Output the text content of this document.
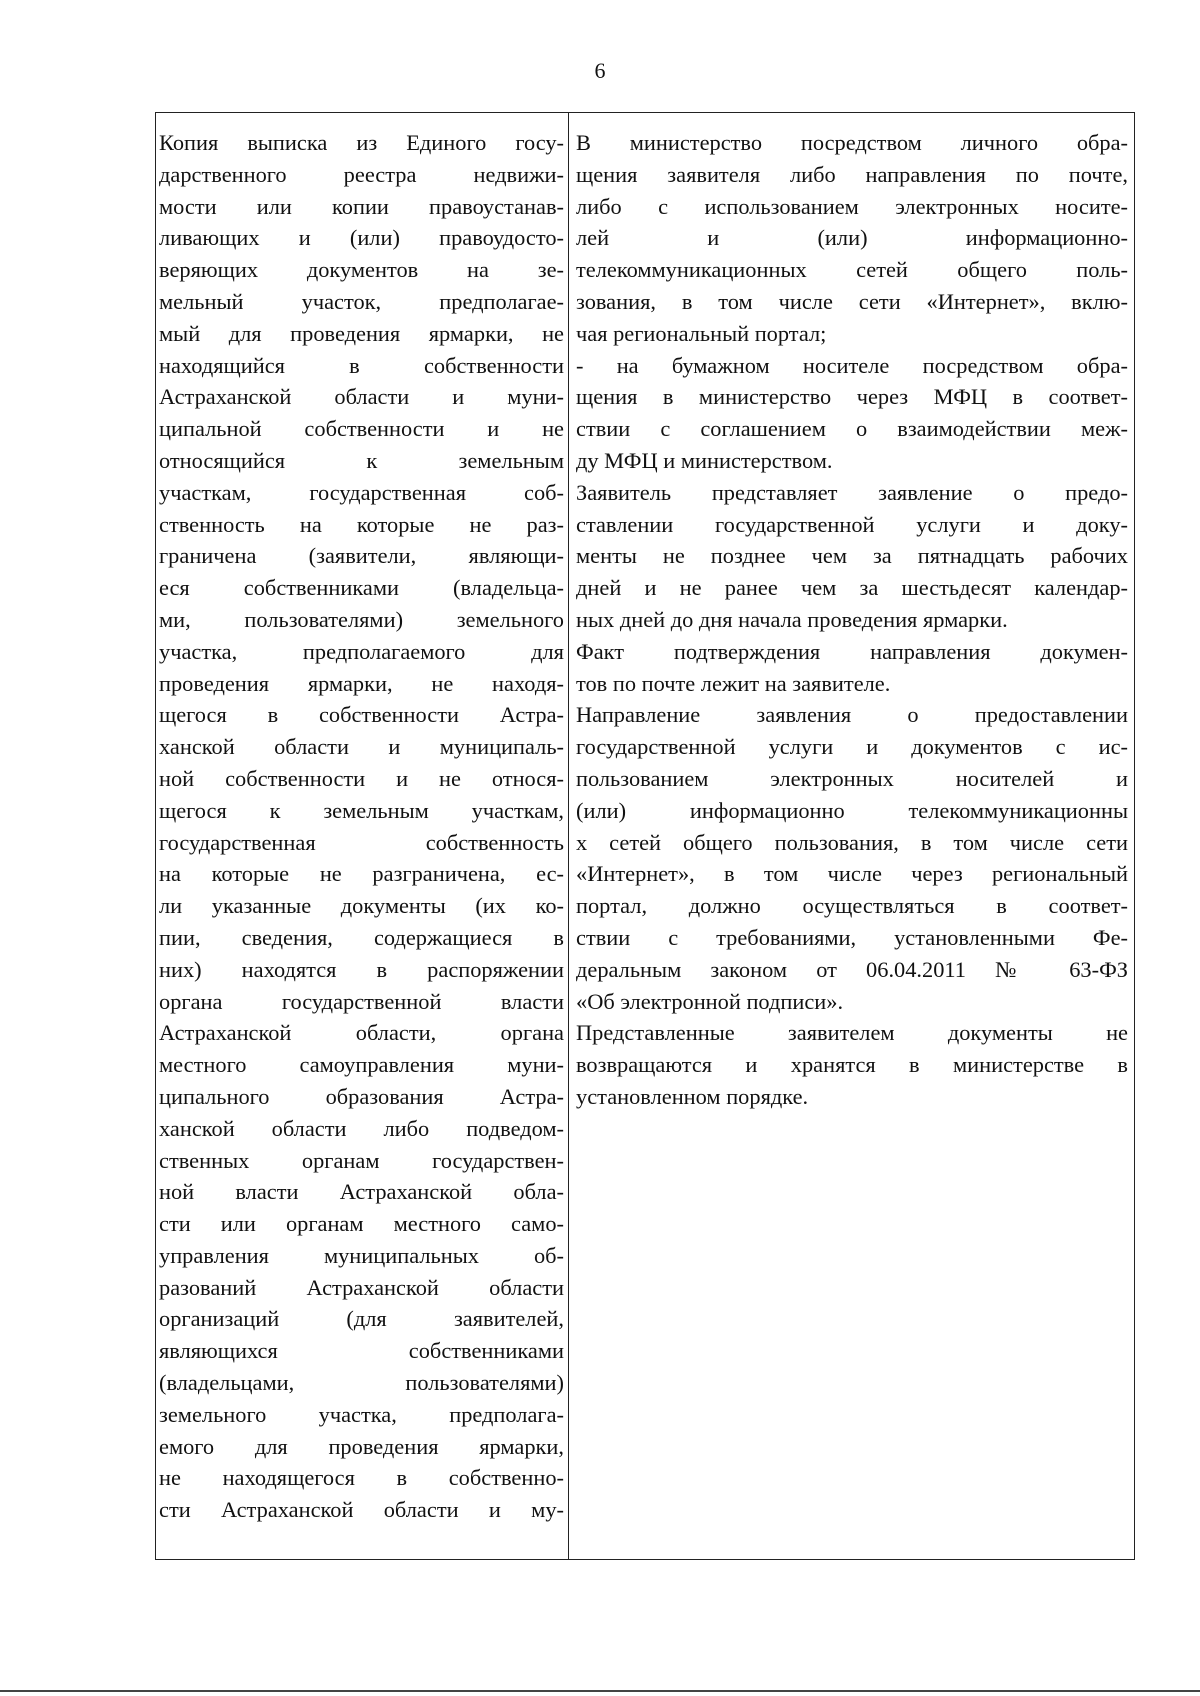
6
Копия выписка из Единого госу-
дарственного реестра недвижи-
мости или копии правоустанав-
ливающих и (или) правоудосто-
веряющих документов на зе-
мельный участок, предполагае-
мый для проведения ярмарки, не
находящийся в собственности
Астраханской области и муни-
ципальной собственности и не
относящийся к земельным
участкам, государственная соб-
ственность на которые не раз-
граничена (заявители, являющи-
еся собственниками (владельца-
ми, пользователями) земельного
участка, предполагаемого для
проведения ярмарки, не находя-
щегося в собственности Астра-
ханской области и муниципаль-
ной собственности и не относя-
щегося к земельным участкам,
государственная собственность
на которые не разграничена, ес-
ли указанные документы (их ко-
пии, сведения, содержащиеся в
них) находятся в распоряжении
органа государственной власти
Астраханской области, органа
местного самоуправления муни-
ципального образования Астра-
ханской области либо подведом-
ственных органам государствен-
ной власти Астраханской обла-
сти или органам местного само-
управления муниципальных об-
разований Астраханской области
организаций (для заявителей,
являющихся собственниками
(владельцами, пользователями)
земельного участка, предполага-
емого для проведения ярмарки,
не находящегося в собственно-
сти Астраханской области и му-
В министерство посредством личного обра-
щения заявителя либо направления по почте,
либо с использованием электронных носите-
лей и (или) информационно-
телекоммуникационных сетей общего поль-
зования, в том числе сети «Интернет», вклю-
чая региональный портал;
- на бумажном носителе посредством обра-
щения в министерство через МФЦ в соответ-
ствии с соглашением о взаимодействии меж-
ду МФЦ и министерством.
Заявитель представляет заявление о предо-
ставлении государственной услуги и доку-
менты не позднее чем за пятнадцать рабочих
дней и не ранее чем за шестьдесят календар-
ных дней до дня начала проведения ярмарки.
Факт подтверждения направления докумен-
тов по почте лежит на заявителе.
Направление заявления о предоставлении
государственной услуги и документов с ис-
пользованием электронных носителей и
(или) информационно телекоммуникационны
х сетей общего пользования, в том числе сети
«Интернет», в том числе через региональный
портал, должно осуществляться в соответ-
ствии с требованиями, установленными Фе-
деральным законом от 06.04.2011 № 63-ФЗ
«Об электронной подписи».
Представленные заявителем документы не
возвращаются и хранятся в министерстве в
установленном порядке.
